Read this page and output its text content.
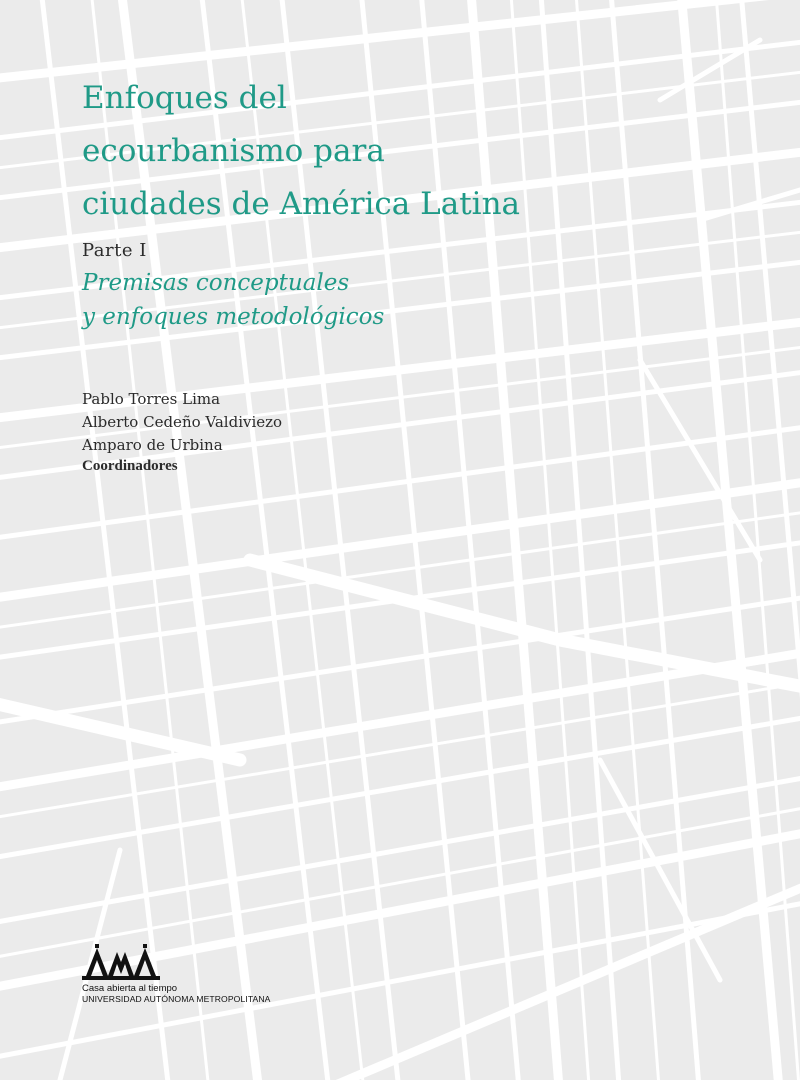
Enfoques del
ecourbanismo para
ciudades de América Latina
Parte I
Premisas conceptuales
y enfoques metodológicos
Pablo Torres Lima
Alberto Cedeño Valdiviezo
Amparo de Urbina
Coordinadores
Casa abierta al tiempo
UNIVERSIDAD AUTÓNOMA METROPOLITANA
